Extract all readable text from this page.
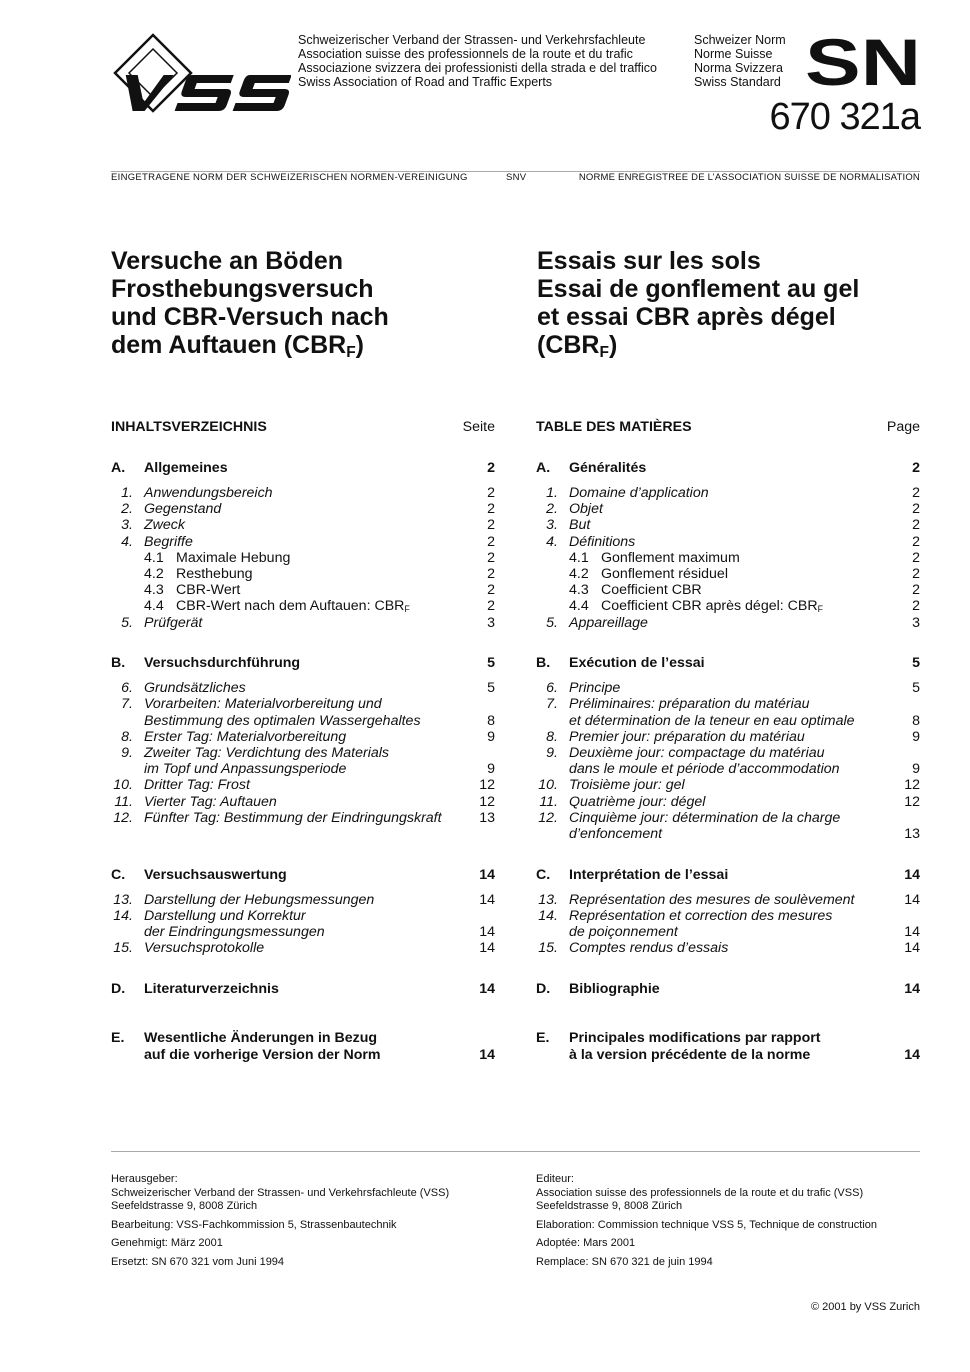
Schweizerischer Verband der Strassen- und Verkehrsfachleute
Association suisse des professionnels de la route et du trafic
Associazione svizzera dei professionisti della strada e del traffico
Swiss Association of Road and Traffic Experts
Schweizer Norm
Norme Suisse
Norma Svizzera
Swiss Standard SN
670 321a
EINGETRAGENE NORM DER SCHWEIZERISCHEN NORMEN-VEREINIGUNG	SNV	NORME ENREGISTREE DE L’ASSOCIATION SUISSE DE NORMALISATION
Versuche an Böden
Frosthebungsversuch
und CBR-Versuch nach
dem Auftauen $(CBR_F)$
Essais sur les sols
Essai de gonflement au gel
et essai CBR après dégel
$(CBR_F)$
INHALTSVERZEICHNIS	Seite
A. Allgemeines	2
1. Anwendungsbereich	2
2. Gegenstand	2
3. Zweck	2
4. Begriffe	2
4.1 Maximale Hebung	2
4.2 Resthebung	2
4.3 CBR-Wert	2
4.4 CBR-Wert nach dem Auftauen: $CBR_F$	2
5. Prüfgerät	3
B. Versuchsdurchführung	5
6. Grundsätzliches	5
7. Vorarbeiten: Materialvorbereitung und
Bestimmung des optimalen Wassergehaltes	8
8. Erster Tag: Materialvorbereitung	9
9. Zweiter Tag: Verdichtung des Materials
im Topf und Anpassungsperiode	9
10. Dritter Tag: Frost	12
11. Vierter Tag: Auftauen	12
12. Fünfter Tag: Bestimmung der Eindringungskraft	13
C. Versuchsauswertung	14
13. Darstellung der Hebungsmessungen	14
14. Darstellung und Korrektur
der Eindringungsmessungen	14
15. Versuchsprotokolle	14
D. Literaturverzeichnis	14
E. Wesentliche Änderungen in Bezug
auf die vorherige Version der Norm	14
TABLE DES MATIÈRES	Page
A. Généralités	2
1. Domaine d’application	2
2. Objet	2
3. But	2
4. Définitions	2
4.1 Gonflement maximum	2
4.2 Gonflement résiduel	2
4.3 Coefficient CBR	2
4.4 Coefficient CBR après dégel: $CBR_F$	2
5. Appareillage	3
B. Exécution de l’essai	5
6. Principe	5
7. Préliminaires: préparation du matériau
et détermination de la teneur en eau optimale	8
8. Premier jour: préparation du matériau	9
9. Deuxième jour: compactage du matériau
dans le moule et période d’accommodation	9
10. Troisième jour: gel	12
11. Quatrième jour: dégel	12
12. Cinquième jour: détermination de la charge
d’enfoncement	13
C. Interprétation de l’essai	14
13. Représentation des mesures de soulèvement	14
14. Représentation et correction des mesures
de poiçonnement	14
15. Comptes rendus d’essais	14
D. Bibliographie	14
E. Principales modifications par rapport
à la version précédente de la norme	14
Herausgeber:
Schweizerischer Verband der Strassen- und Verkehrsfachleute (VSS)
Seefeldstrasse 9, 8008 Zürich
Bearbeitung: VSS-Fachkommission 5, Strassenbautechnik
Genehmigt: März 2001
Ersetzt: SN 670 321 vom Juni 1994
Editeur:
Association suisse des professionnels de la route et du trafic (VSS)
Seefeldstrasse 9, 8008 Zürich
Elaboration: Commission technique VSS 5, Technique de construction
Adoptée: Mars 2001
Remplace: SN 670 321 de juin 1994
© 2001 by VSS Zurich
